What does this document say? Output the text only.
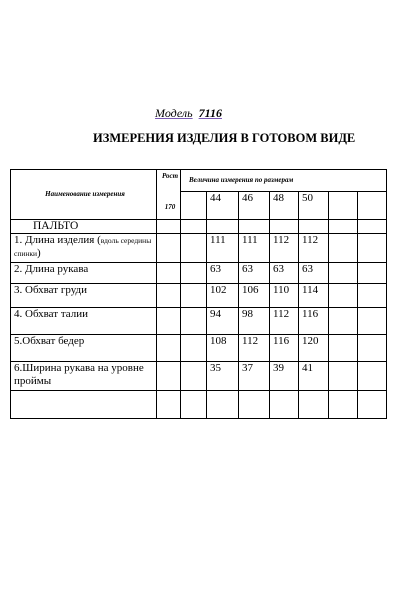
Модель 7116
ИЗМЕРЕНИЯ ИЗДЕЛИЯ В ГОТОВОМ ВИДЕ
Наименование измерения	Рост
170	Величина измерения по размерам						
			44	46	48	50		
ПАЛЬТО								
1. Длина изделия (вдоль середины спинки)			111	111	112	112		
2. Длина рукава			63	63	63	63		
3. Обхват груди			102	106	110	114		
4. Обхват талии			94	98	112	116		
5.Обхват бедер			108	112	116	120		
6.Ширина рукава на уровне проймы			35	37	39	41		
